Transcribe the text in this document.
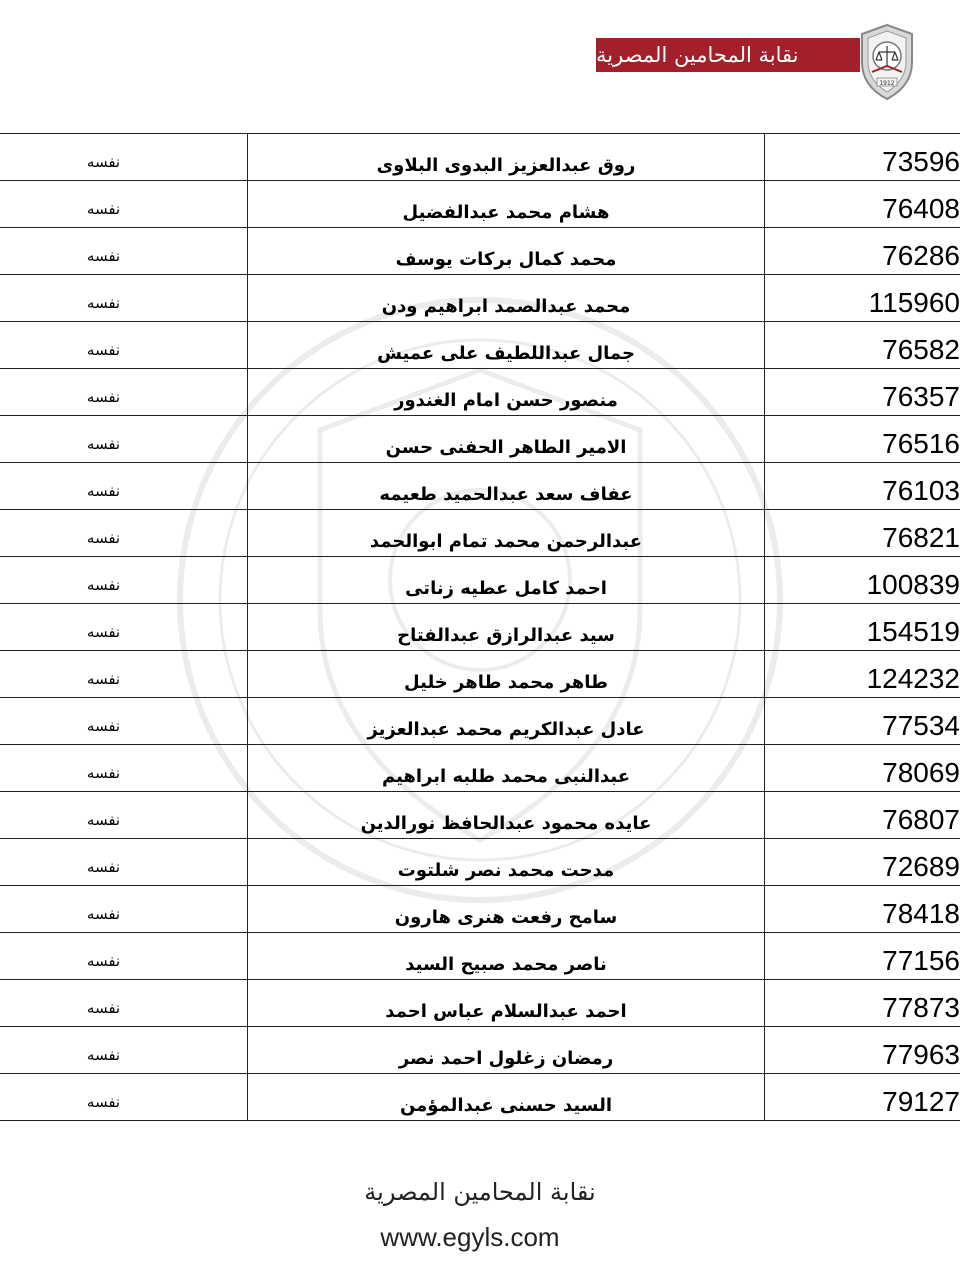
نقابة المحامين المصرية
1912
نفسه	روق عبدالعزيز البدوى البلاوى	73596
نفسه	هشام محمد عبدالفضيل	76408
نفسه	محمد كمال بركات يوسف	76286
نفسه	محمد عبدالصمد ابراهيم ودن	115960
نفسه	جمال عبداللطيف على عميش	76582
نفسه	منصور حسن امام الغندور	76357
نفسه	الامير الطاهر الحفنى حسن	76516
نفسه	عفاف سعد عبدالحميد طعيمه	76103
نفسه	عبدالرحمن محمد تمام ابوالحمد	76821
نفسه	احمد كامل عطيه زناتى	100839
نفسه	سيد عبدالرازق عبدالفتاح	154519
نفسه	طاهر محمد طاهر خليل	124232
نفسه	عادل عبدالكريم محمد عبدالعزيز	77534
نفسه	عبدالنبى محمد طلبه ابراهيم	78069
نفسه	عايده محمود عبدالحافظ نورالدين	76807
نفسه	مدحت محمد نصر شلتوت	72689
نفسه	سامح رفعت هنرى هارون	78418
نفسه	ناصر محمد صبيح السيد	77156
نفسه	احمد عبدالسلام عباس احمد	77873
نفسه	رمضان زغلول احمد نصر	77963
نفسه	السيد حسنى عبدالمؤمن	79127
نقابة المحامين المصرية
www.egyls.com
